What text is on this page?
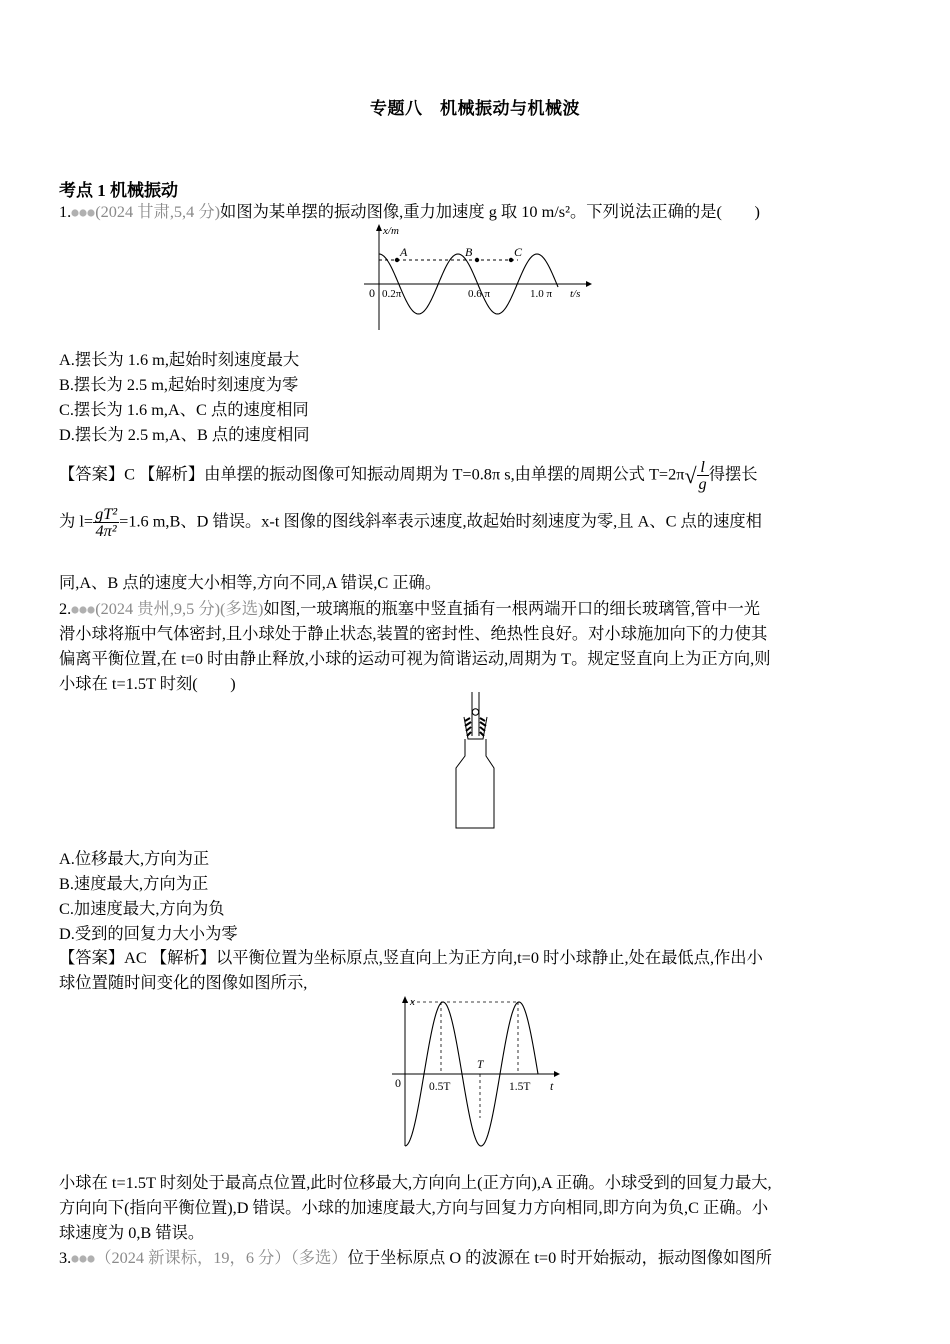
专题八　机械振动与机械波
考点 1 机械振动
1. (2024 甘肃,5,4 分)如图为某单摆的振动图像,重力加速度 g 取 10 m/s²。下列说法正确的是(　　)
A	B	C
x/m
0 0.2π	0.6 π	1.0 π t/s
A.摆长为 1.6 m,起始时刻速度最大
B.摆长为 2.5 m,起始时刻速度为零
C.摆长为 1.6 m,A、C 点的速度相同
D.摆长为 2.5 m,A、B 点的速度相同
【答案】C 【解析】由单摆的振动图像可知振动周期为 T=0.8π s,由单摆的周期公式 $T=2\pi√ \frac{l}{g}$ 得摆长
为 $l= \frac{\text{gT²}}{\text{4π²}} =1.6$ m,B、D 错误。x-t 图像的图线斜率表示速度,故起始时刻速度为零,且 A、C 点的速度相
同,A、B 点的速度大小相等,方向不同,A 错误,C 正确。
2. (2024 贵州,9,5 分)(多选)如图,一玻璃瓶的瓶塞中竖直插有一根两端开口的细长玻璃管,管中一光
滑小球将瓶中气体密封,且小球处于静止状态,装置的密封性、绝热性良好。对小球施加向下的力使其
偏离平衡位置,在 t=0 时由静止释放,小球的运动可视为简谐运动,周期为 T。规定竖直向上为正方向,则
小球在 t=1.5T 时刻(　　)
A.位移最大,方向为正
B.速度最大,方向为正
C.加速度最大,方向为负
D.受到的回复力大小为零
【答案】AC 【解析】以平衡位置为坐标原点,竖直向上为正方向,t=0 时小球静止,处在最低点,作出小
球位置随时间变化的图像如图所示,
x
0 0.5T
T
1.5T t
小球在 t=1.5T 时刻处于最高点位置,此时位移最大,方向向上(正方向),A 正确。小球受到的回复力最大,
方向向下(指向平衡位置),D 错误。小球的加速度最大,方向与回复力方向相同,即方向为负,C 正确。小
球速度为 0,B 错误。
3. （2024 新课标，19，6 分）（多选）位于坐标原点 O 的波源在 t=0 时开始振动，振动图像如图所
